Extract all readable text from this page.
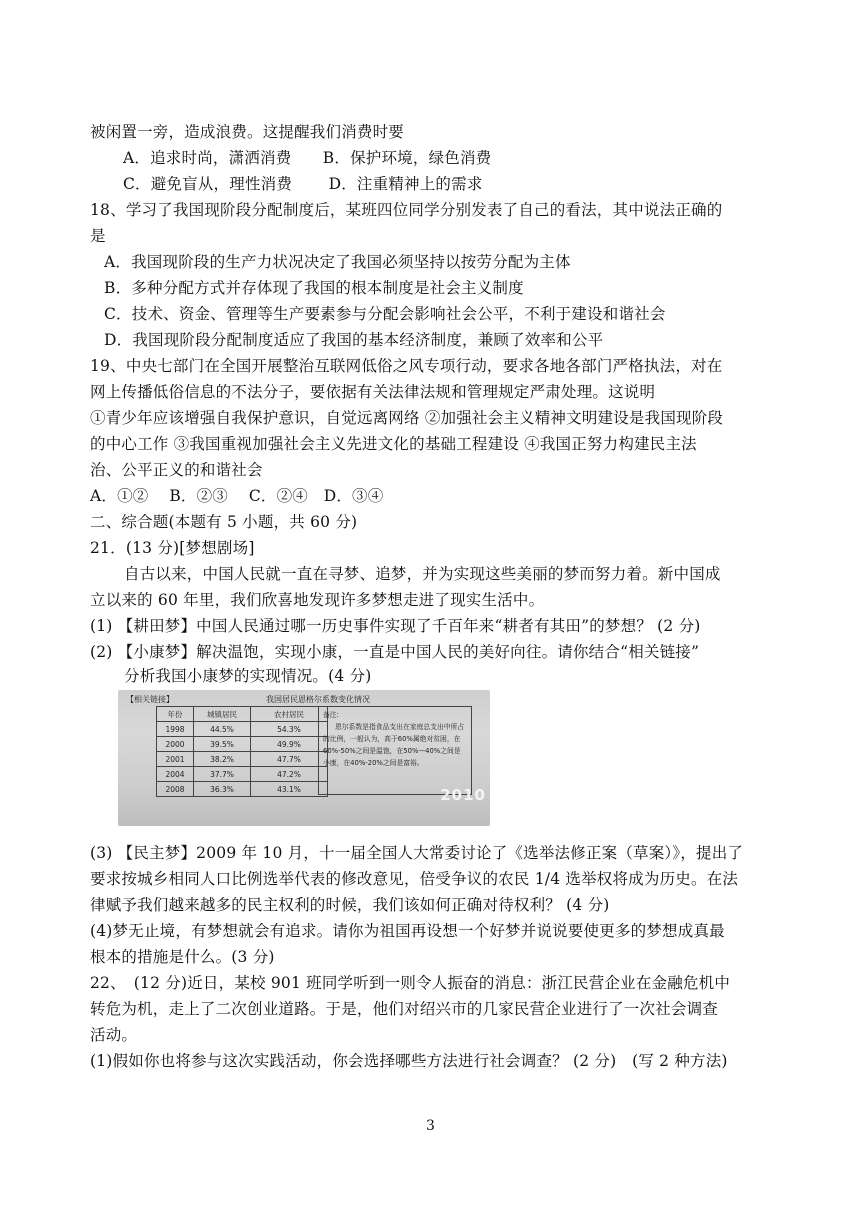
被闲置一旁，造成浪费。这提醒我们消费时要
A．追求时尚，潇洒消费　　B．保护环境，绿色消费
C．避免盲从，理性消费　　 D．注重精神上的需求
18、学习了我国现阶段分配制度后，某班四位同学分别发表了自己的看法，其中说法正确的
是
A．我国现阶段的生产力状况决定了我国必须坚持以按劳分配为主体
B．多种分配方式并存体现了我国的根本制度是社会主义制度
C．技术、资金、管理等生产要素参与分配会影响社会公平，不利于建设和谐社会
D．我国现阶段分配制度适应了我国的基本经济制度，兼顾了效率和公平
19、中央七部门在全国开展整治互联网低俗之风专项行动，要求各地各部门严格执法，对在
网上传播低俗信息的不法分子，要依据有关法律法规和管理规定严肃处理。这说明
①青少年应该增强自我保护意识，自觉远离网络 ②加强社会主义精神文明建设是我国现阶段
的中心工作 ③我国重视加强社会主义先进文化的基础工程建设 ④我国正努力构建民主法
治、公平正义的和谐社会
A．①②　 B．②③　 C．②④　D．③④
二、综合题(本题有 5 小题，共 60 分)
21．(13 分)[梦想剧场]
自古以来，中国人民就一直在寻梦、追梦，并为实现这些美丽的梦而努力着。新中国成
立以来的 60 年里，我们欣喜地发现许多梦想走进了现实生活中。
(1) 【耕田梦】中国人民通过哪一历史事件实现了千百年来“耕者有其田”的梦想？ (2 分)
(2) 【小康梦】解决温饱，实现小康，一直是中国人民的美好向往。请你结合“相关链接”
分析我国小康梦的实现情况。(4 分)
【相关链接】	我国居民恩格尔系数变化情况
年份	城镇居民	农村居民
1998	44.5%	54.3%
2000	39.5%	49.9%
2001	38.2%	47.7%
2004	37.7%	47.2%
2008	36.3%	43.1%
备注:
恩尔系数是指食品支出在家庭总支出中所占的比例，一般认为，高于60%属绝对贫困，在60%-50%之间是温饱，在50%—40%之间是小康，在40%-20%之间是富裕。
2010
(3) 【民主梦】2009 年 10 月，十一届全国人大常委讨论了《选举法修正案（草案）》，提出了
要求按城乡相同人口比例选举代表的修改意见，倍受争议的农民 1/4 选举权将成为历史。在法
律赋予我们越来越多的民主权利的时候，我们该如何正确对待权利？ (4 分)
(4)梦无止境，有梦想就会有追求。请你为祖国再设想一个好梦并说说要使更多的梦想成真最
根本的措施是什么。(3 分)
22、　(12 分)近日，某校 901 班同学听到一则令人振奋的消息：浙江民营企业在金融危机中
转危为机，走上了二次创业道路。于是，他们对绍兴市的几家民营企业进行了一次社会调查
活动。
(1)假如你也将参与这次实践活动，你会选择哪些方法进行社会调查？ (2 分)　(写 2 种方法)
3
